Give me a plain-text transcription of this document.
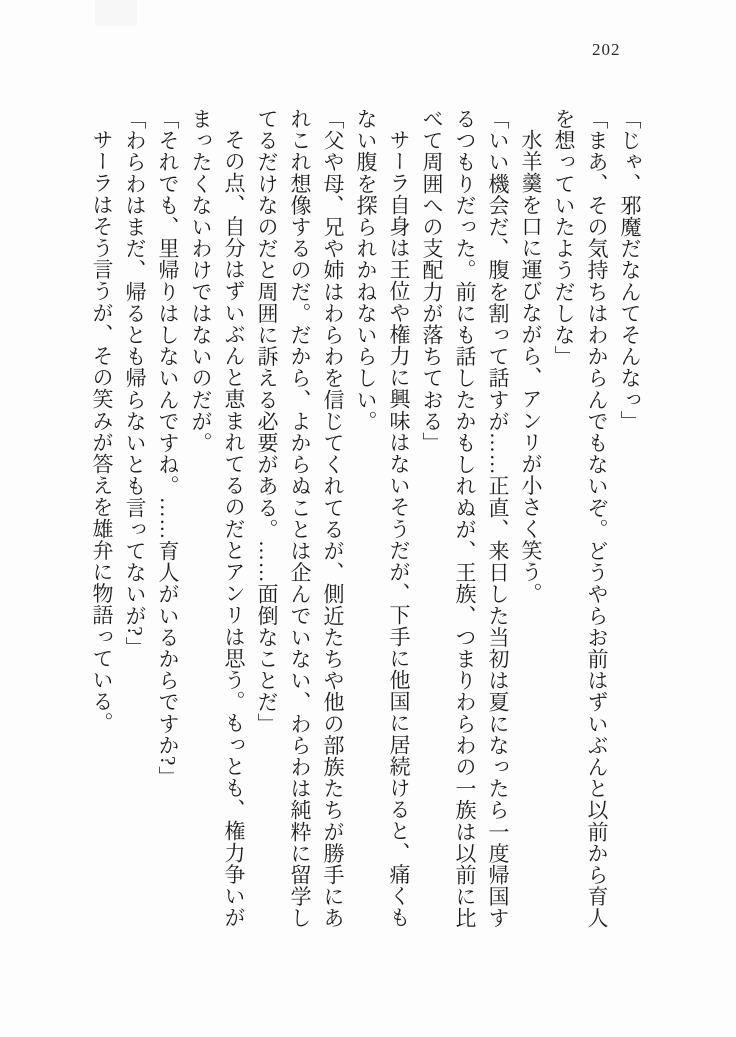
202

「じゃ、邪魔だなんてそんなっ」

「まあ、その気持ちはわからんでもないぞ。どうやらお前はずいぶんと以前から育人

を想っていたようだしな」

水羊羹を口に運びながら、アンリが小さく笑う。

「いい機会だ、腹を割って話すが……正直、来日した当初は夏になったら一度帰国す

るつもりだった。前にも話したかもしれぬが、王族、つまりわらわの一族は以前に比

べて周囲への支配力が落ちておる」

サーラ自身は王位や権力に興味はないそうだが、下手に他国に居続けると、痛くも

ない腹を探られかねないらしい。

「父や母、兄や姉はわらわを信じてくれてるが、側近たちや他の部族たちが勝手にあ

れこれ想像するのだ。だから、よからぬことは企んでいない、わらわは純粋に留学し

てるだけなのだと周囲に訴える必要がある。……面倒なことだ」

その点、自分はずいぶんと恵まれてるのだとアンリは思う。もっとも、権力争いが

まったくないわけではないのだが。

「それでも、里帰りはしないんですね。……育人がいるからですか?」

「わらわはまだ、帰るとも帰らないとも言ってないが?」

サーラはそう言うが、その笑みが答えを雄弁に物語っている。
